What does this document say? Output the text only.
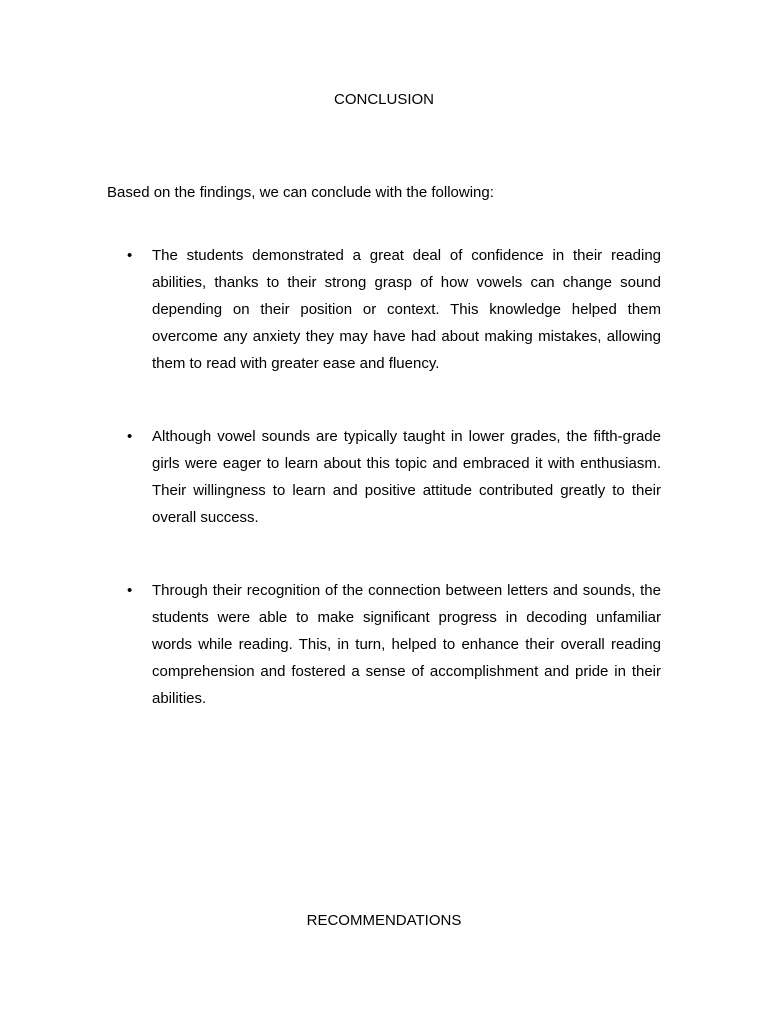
CONCLUSION

Based on the findings, we can conclude with the following:

•	The students demonstrated a great deal of confidence in their reading abilities, thanks to their strong grasp of how vowels can change sound depending on their position or context. This knowledge helped them overcome any anxiety they may have had about making mistakes, allowing them to read with greater ease and fluency.

•	Although vowel sounds are typically taught in lower grades, the fifth-grade girls were eager to learn about this topic and embraced it with enthusiasm. Their willingness to learn and positive attitude contributed greatly to their overall success.

•	Through their recognition of the connection between letters and sounds, the students were able to make significant progress in decoding unfamiliar words while reading. This, in turn, helped to enhance their overall reading comprehension and fostered a sense of accomplishment and pride in their abilities.

RECOMMENDATIONS
